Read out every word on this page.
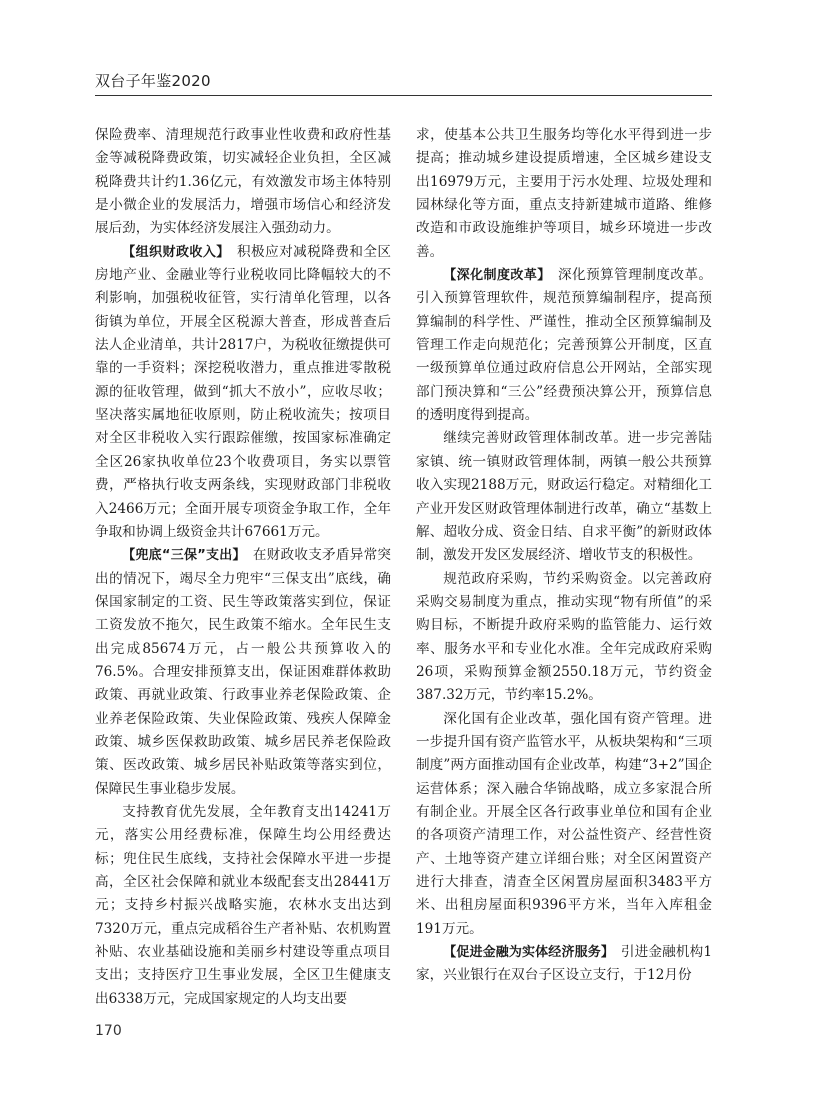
双台子年鉴2020

保险费率、清理规范行政事业性收费和政府性基金等减税降费政策，切实减轻企业负担，全区减税降费共计约1.36亿元，有效激发市场主体特别是小微企业的发展活力，增强市场信心和经济发展后劲，为实体经济发展注入强劲动力。

【组织财政收入】  积极应对减税降费和全区房地产业、金融业等行业税收同比降幅较大的不利影响，加强税收征管，实行清单化管理，以各街镇为单位，开展全区税源大普查，形成普查后法人企业清单，共计2817户，为税收征缴提供可靠的一手资料；深挖税收潜力，重点推进零散税源的征收管理，做到“抓大不放小”，应收尽收；坚决落实属地征收原则，防止税收流失；按项目对全区非税收入实行跟踪催缴，按国家标准确定全区26家执收单位23个收费项目，务实以票管费，严格执行收支两条线，实现财政部门非税收入2466万元；全面开展专项资金争取工作，全年争取和协调上级资金共计67661万元。

【兜底“三保”支出】  在财政收支矛盾异常突出的情况下，竭尽全力兜牢“三保支出”底线，确保国家制定的工资、民生等政策落实到位，保证工资发放不拖欠，民生政策不缩水。全年民生支出完成85674万元，占一般公共预算收入的76.5%。合理安排预算支出，保证困难群体救助政策、再就业政策、行政事业养老保险政策、企业养老保险政策、失业保险政策、残疾人保障金政策、城乡医保救助政策、城乡居民养老保险政策、医改政策、城乡居民补贴政策等落实到位，保障民生事业稳步发展。

支持教育优先发展，全年教育支出14241万元，落实公用经费标准，保障生均公用经费达标；兜住民生底线，支持社会保障水平进一步提高，全区社会保障和就业本级配套支出28441万元；支持乡村振兴战略实施，农林水支出达到7320万元，重点完成稻谷生产者补贴、农机购置补贴、农业基础设施和美丽乡村建设等重点项目支出；支持医疗卫生事业发展，全区卫生健康支出6338万元，完成国家规定的人均支出要

求，使基本公共卫生服务均等化水平得到进一步提高；推动城乡建设提质增速，全区城乡建设支出16979万元，主要用于污水处理、垃圾处理和园林绿化等方面，重点支持新建城市道路、维修改造和市政设施维护等项目，城乡环境进一步改善。

【深化制度改革】  深化预算管理制度改革。引入预算管理软件，规范预算编制程序，提高预算编制的科学性、严谨性，推动全区预算编制及管理工作走向规范化；完善预算公开制度，区直一级预算单位通过政府信息公开网站，全部实现部门预决算和“三公”经费预决算公开，预算信息的透明度得到提高。

继续完善财政管理体制改革。进一步完善陆家镇、统一镇财政管理体制，两镇一般公共预算收入实现2188万元，财政运行稳定。对精细化工产业开发区财政管理体制进行改革，确立“基数上解、超收分成、资金日结、自求平衡”的新财政体制，激发开发区发展经济、增收节支的积极性。

规范政府采购，节约采购资金。以完善政府采购交易制度为重点，推动实现“物有所值”的采购目标，不断提升政府采购的监管能力、运行效率、服务水平和专业化水准。全年完成政府采购26项，采购预算金额2550.18万元，节约资金387.32万元，节约率15.2%。

深化国有企业改革，强化国有资产管理。进一步提升国有资产监管水平，从板块架构和“三项制度”两方面推动国有企业改革，构建“3+2”国企运营体系；深入融合华锦战略，成立多家混合所有制企业。开展全区各行政事业单位和国有企业的各项资产清理工作，对公益性资产、经营性资产、土地等资产建立详细台账；对全区闲置资产进行大排查，清查全区闲置房屋面积3483平方米、出租房屋面积9396平方米，当年入库租金191万元。

【促进金融为实体经济服务】  引进金融机构1家，兴业银行在双台子区设立支行，于12月份

170
